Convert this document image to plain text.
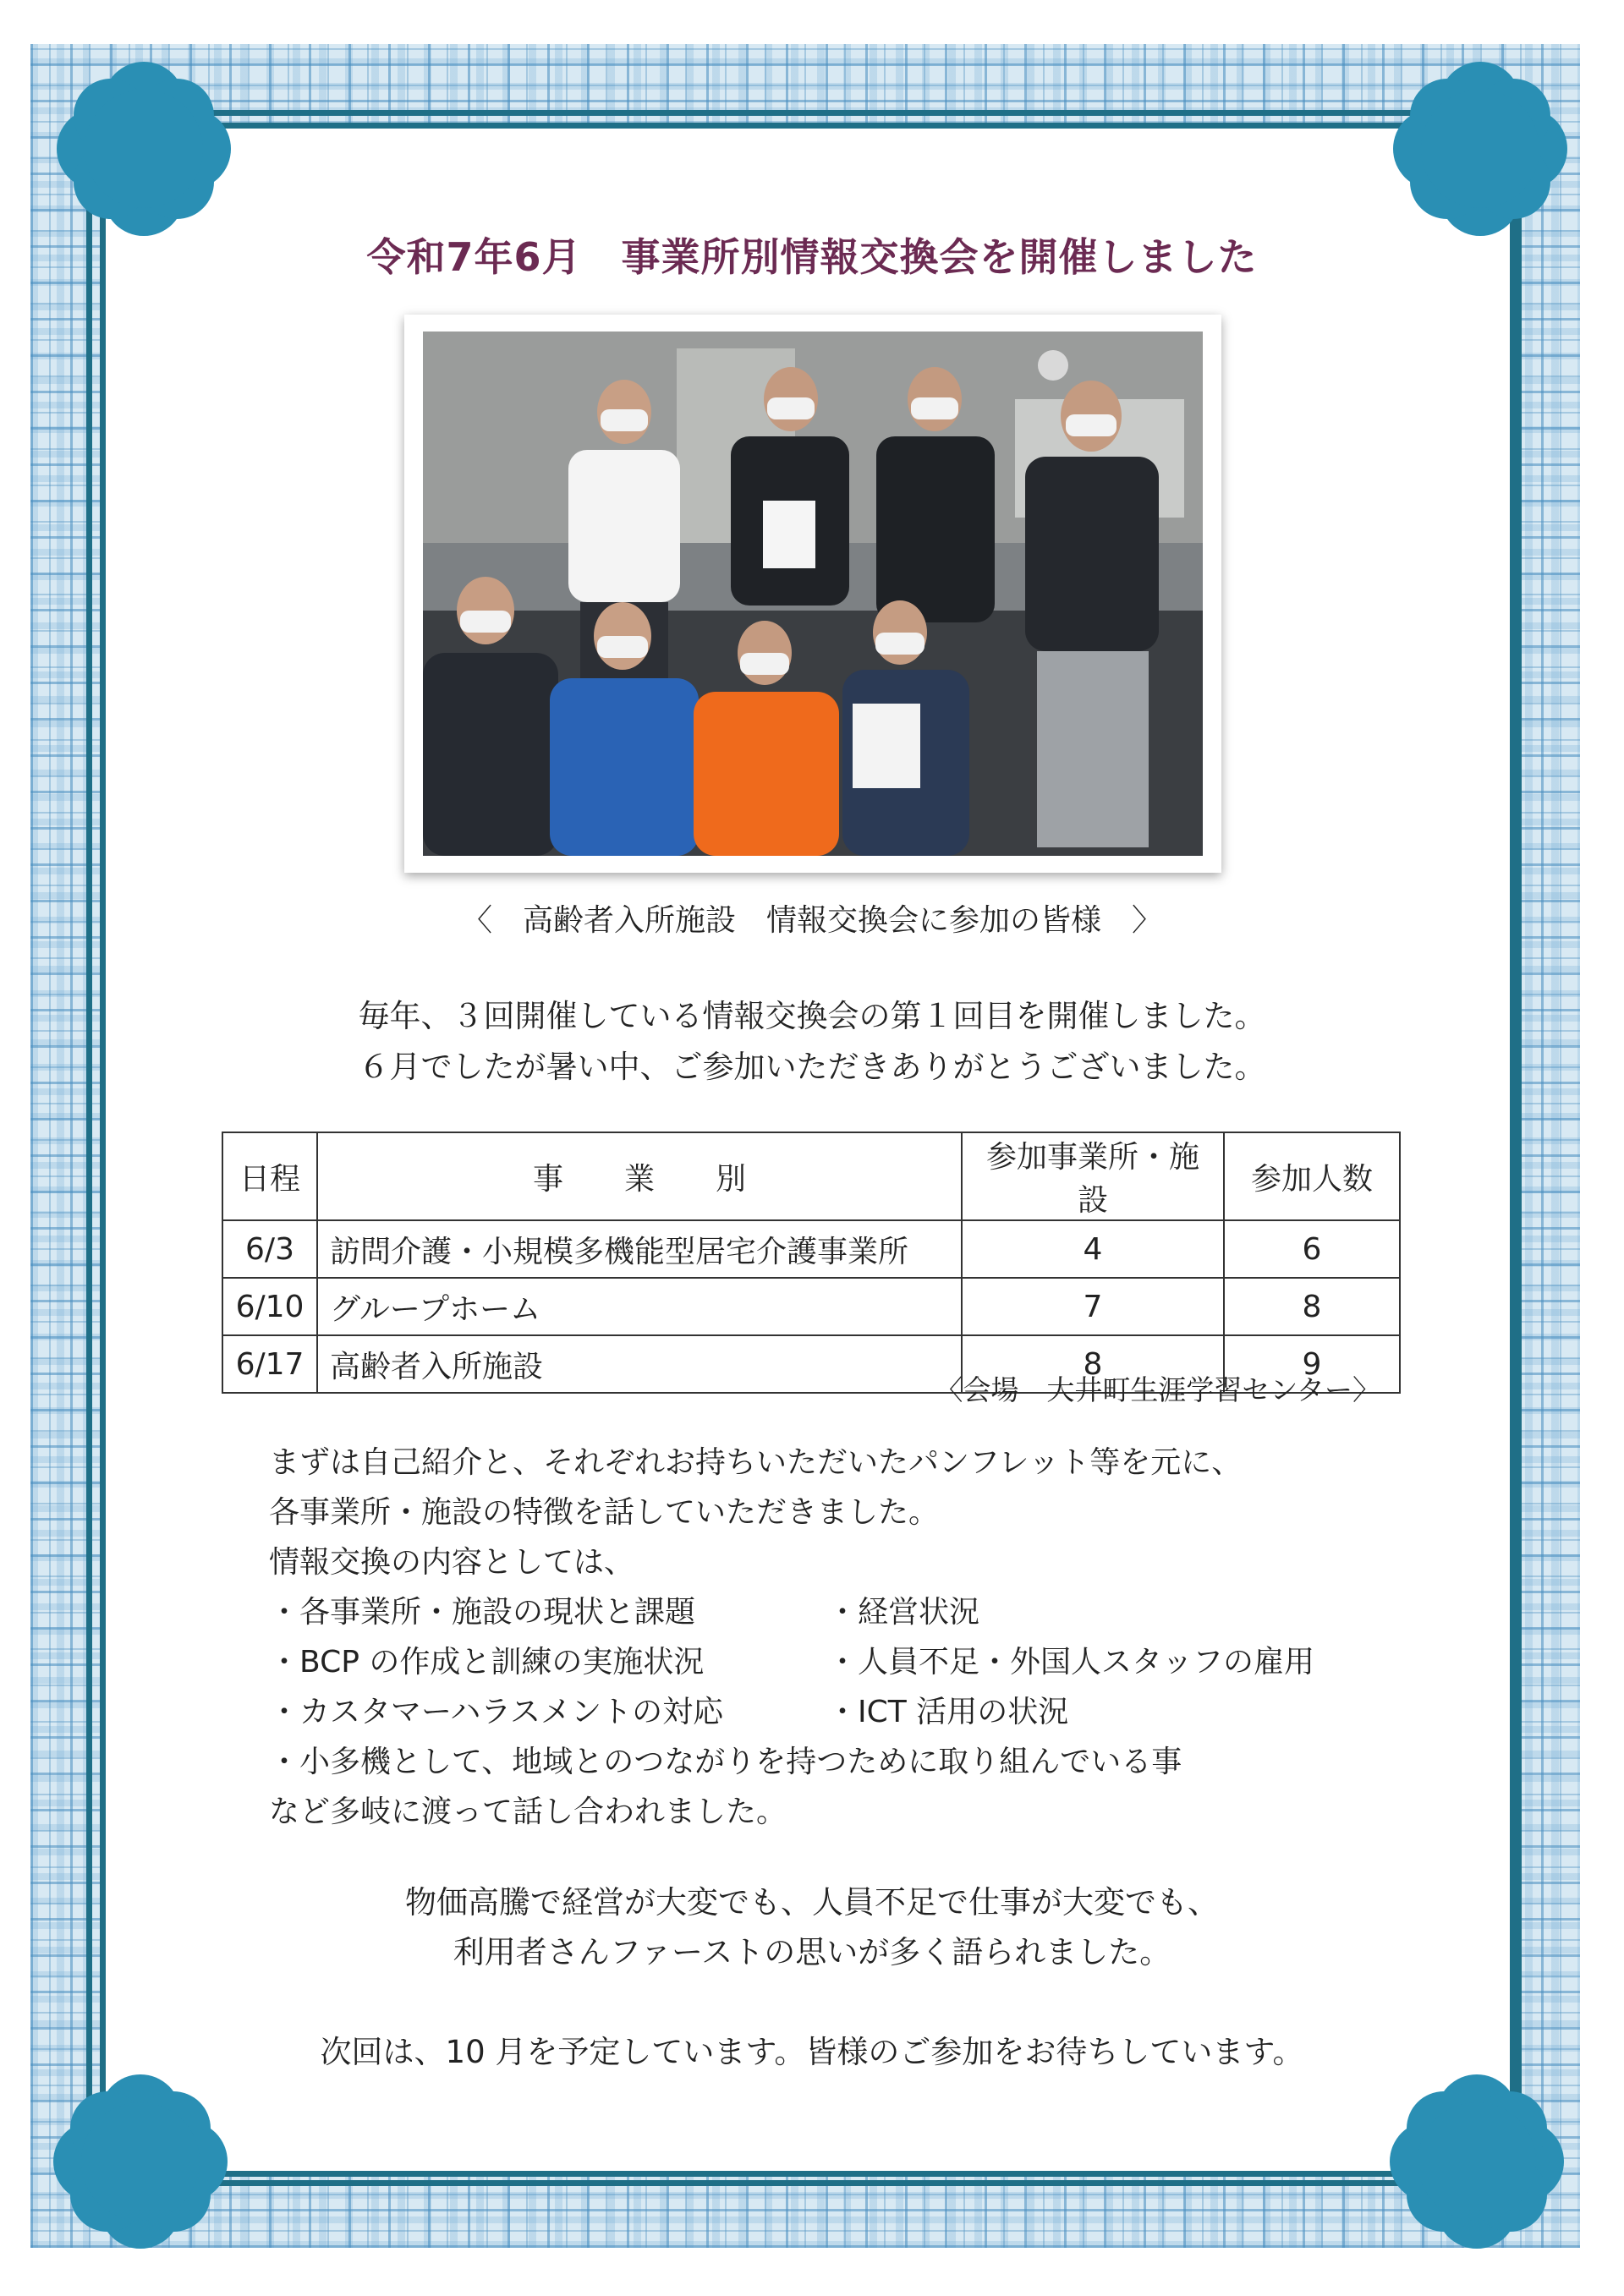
令和7年6月　事業所別情報交換会を開催しました
〈　高齢者入所施設　情報交換会に参加の皆様　〉
毎年、３回開催している情報交換会の第１回目を開催しました。
６月でしたが暑い中、ご参加いただきありがとうございました。
日程	事　　業　　別	参加事業所・施設	参加人数
6/3	訪問介護・小規模多機能型居宅介護事業所	4	6
6/10	グループホーム	7	8
6/17	高齢者入所施設	8	9
〈会場　大井町生涯学習センター〉
まずは自己紹介と、それぞれお持ちいただいたパンフレット等を元に、
各事業所・施設の特徴を話していただきました。
情報交換の内容としては、
・各事業所・施設の現状と課題	・経営状況
・BCP の作成と訓練の実施状況	・人員不足・外国人スタッフの雇用
・カスタマーハラスメントの対応	・ICT 活用の状況
・小多機として、地域とのつながりを持つために取り組んでいる事
など多岐に渡って話し合われました。
物価高騰で経営が大変でも、人員不足で仕事が大変でも、
利用者さんファーストの思いが多く語られました。
次回は、10 月を予定しています。皆様のご参加をお待ちしています。
